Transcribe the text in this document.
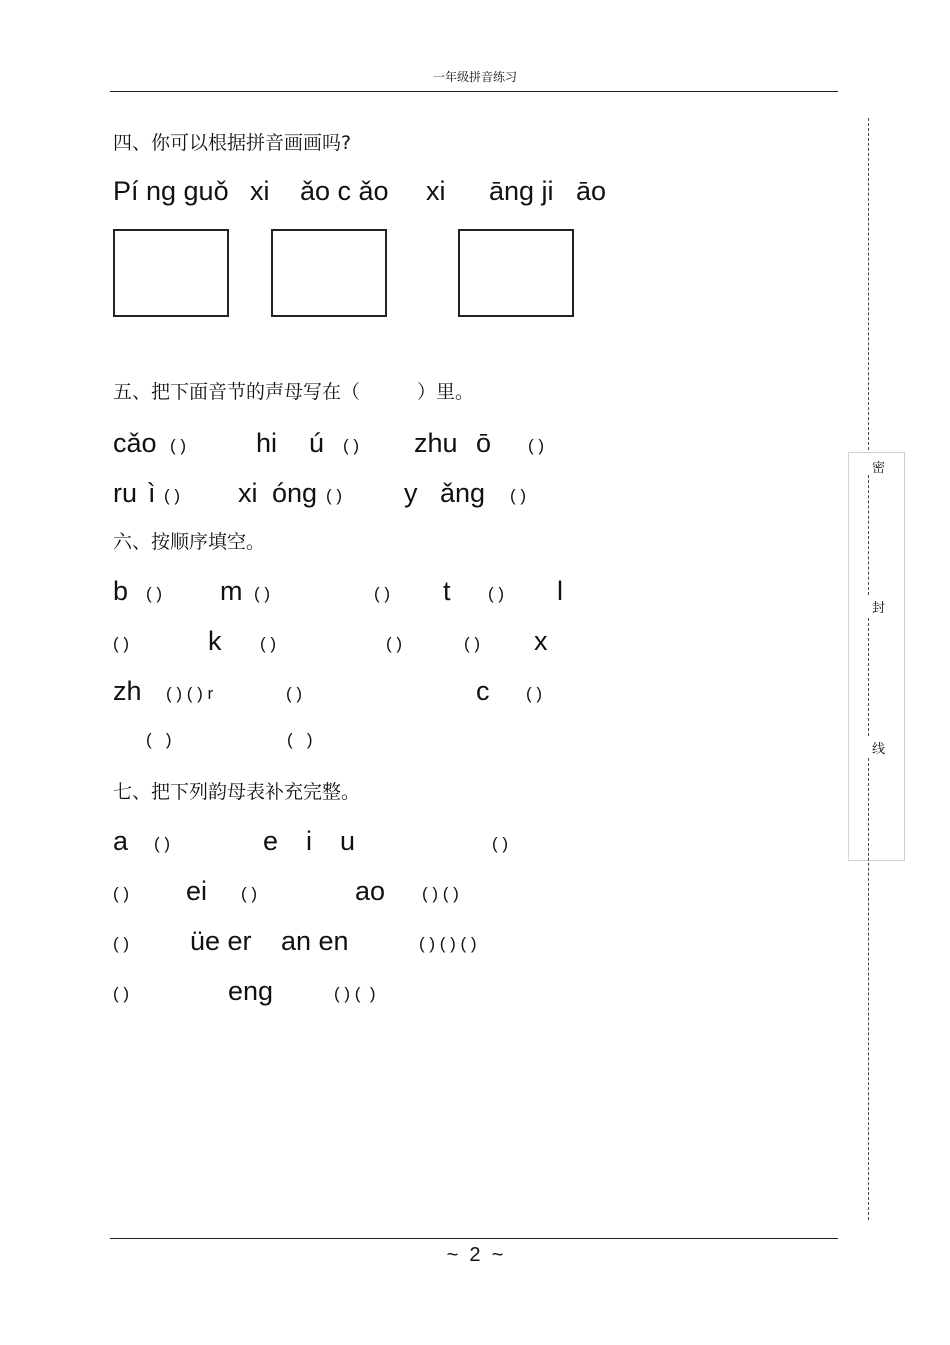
一年级拼音练习
四、你可以根据拼音画画吗?
Pí ng guǒ xi ǎo c ǎo xi āng ji āo
五、把下面音节的声母写在（　　　）里。
cǎo ( )	hi ú ( ) zhu ō ( )
ru ì ( ) xi óng ( ) y ǎng ( )
六、按顺序填空。
b ( ) m ( )	( ) t ( ) l
( )	k ( )	( )	( ) x
zh ( ) ( ) r	( )	c ( )
(   )	(   )
七、把下列韵母表补充完整。
a ( )	e i u	( )
( ) ei ( )	ao ( ) ( )
( ) üe er an en	( ) ( ) ( )
( )	eng	( ) (  )
密
封
线
~  2  ~
